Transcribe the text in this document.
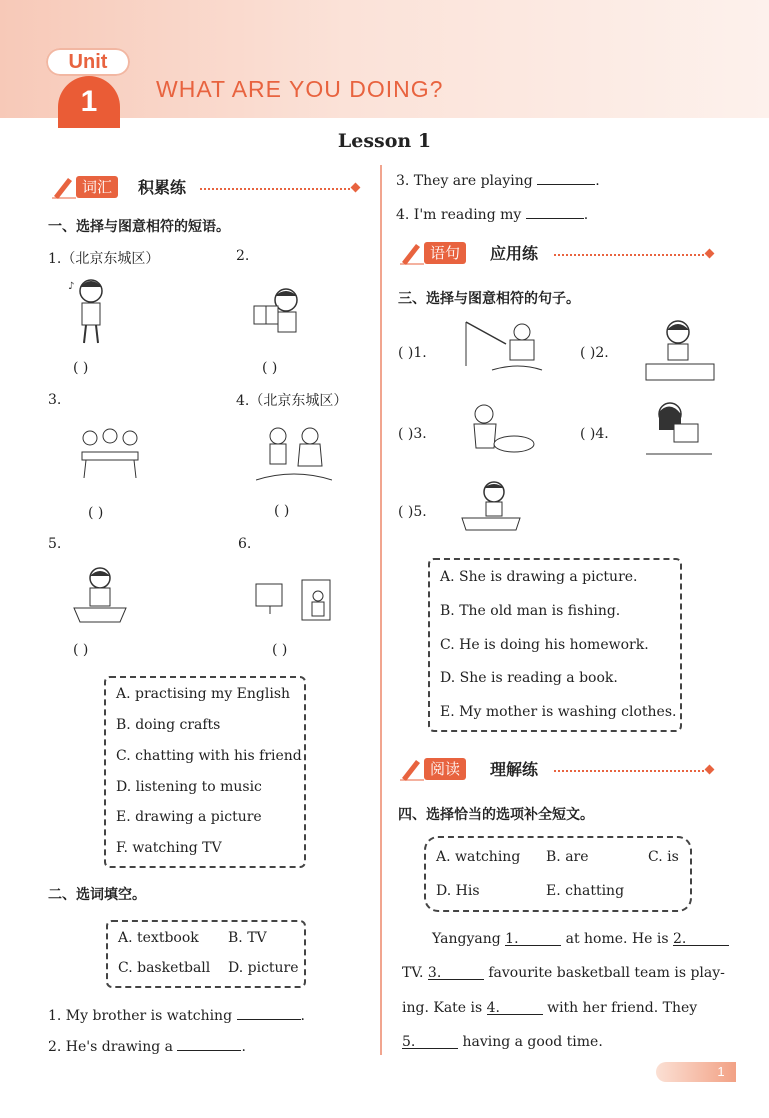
Unit
1	WHAT ARE YOU DOING?
Lesson 1
词汇	积累练
一、选择与图意相符的短语。
1.（北京东城区）	2.
♪
( )	( )
3.	4.（北京东城区）
( )	( )
5.	6.
( )	( )
A. practising my English
B. doing crafts
C. chatting with his friend
D. listening to music
E. drawing a picture
F. watching TV
二、选词填空。
A. textbook B. TV
C. basketball D. picture
1. My brother is watching	.
2. He's drawing a	.
3. They are playing	.
4. I'm reading my	.
语句	应用练
三、选择与图意相符的句子。
( )1.	( )2.
( )3.	( )4.
( )5.
A. She is drawing a picture.
B. The old man is fishing.
C. He is doing his homework.
D. She is reading a book.
E. My mother is washing clothes.
阅读	理解练
四、选择恰当的选项补全短文。
A. watching B. are	C. is
D. His	E. chatting
Yangyang 1.	at home. He is 2.
TV. 3.	favourite basketball team is play-
ing. Kate is 4.	with her friend. They
5.	having a good time.
1
